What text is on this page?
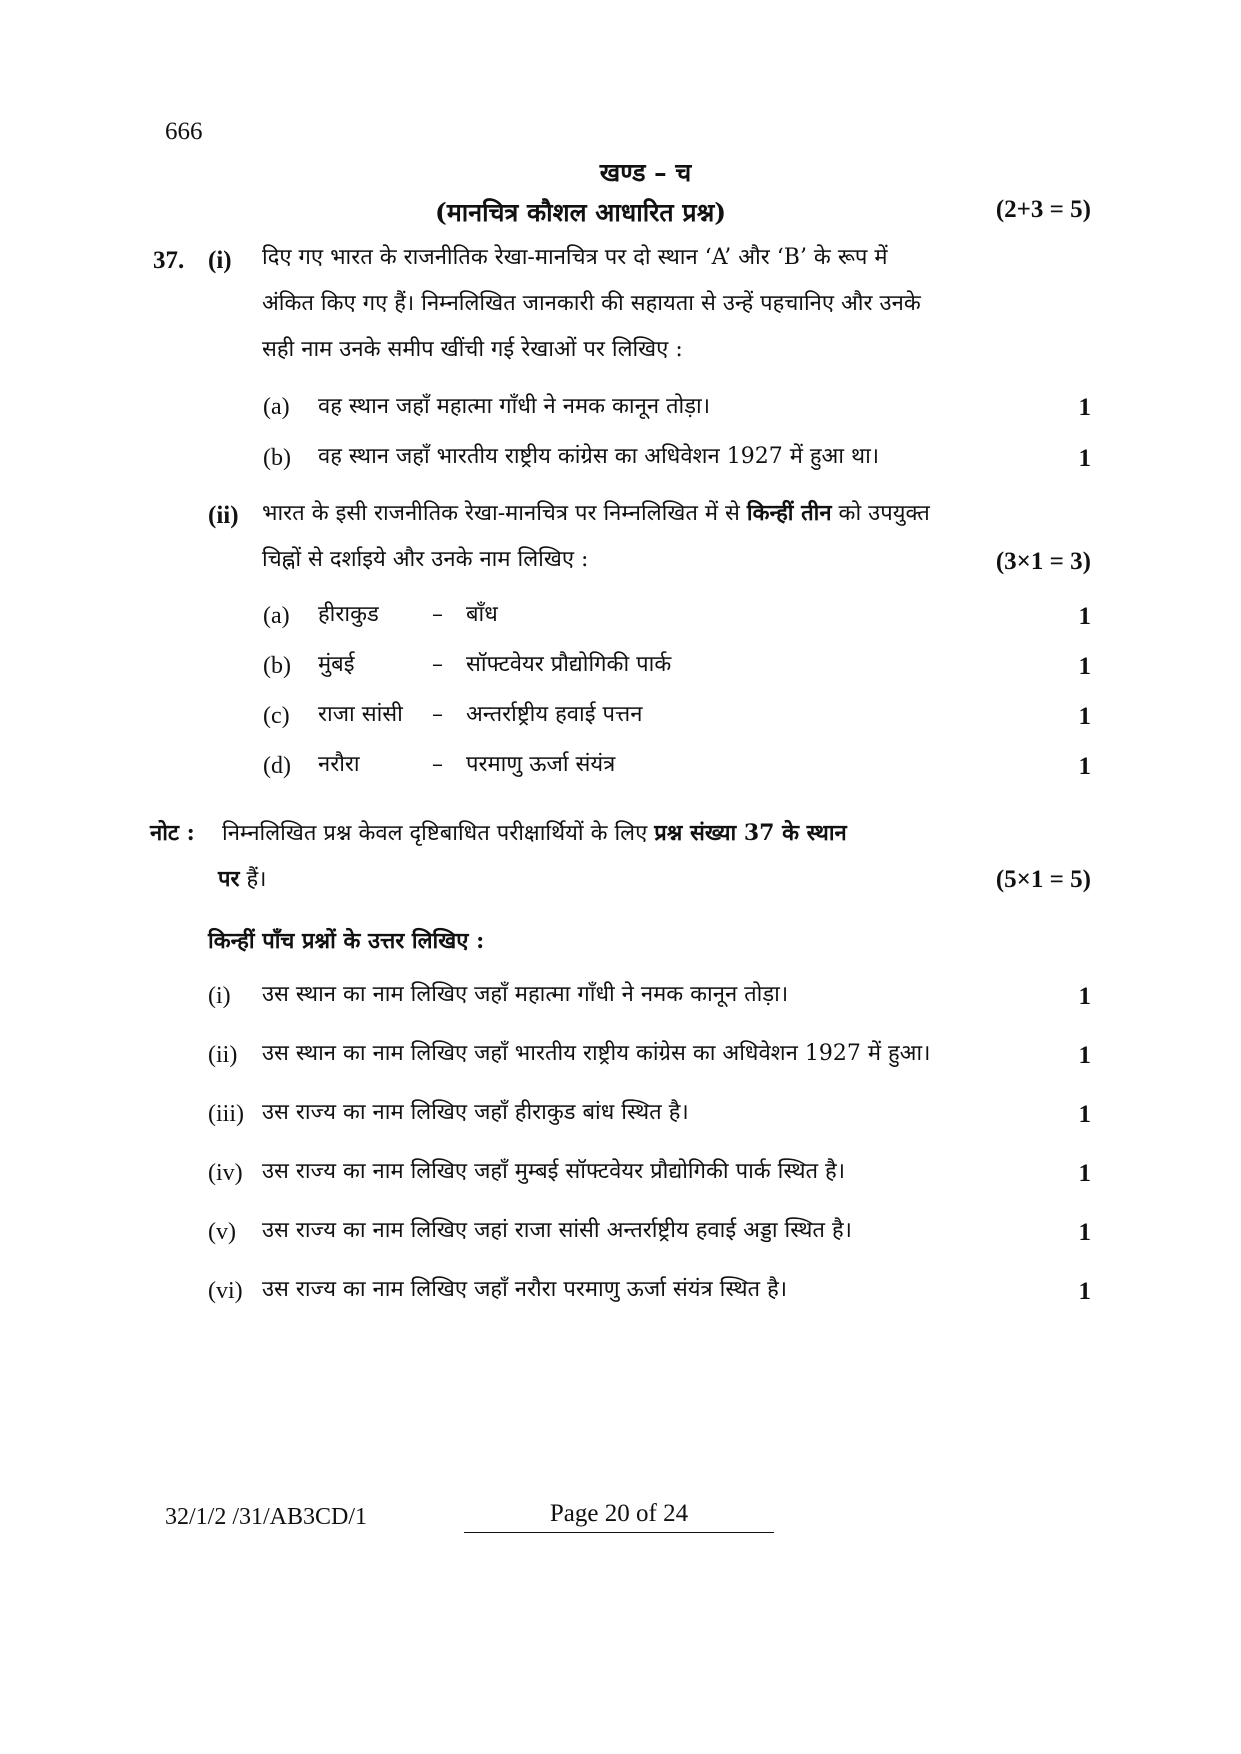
666
खण्ड – च
(मानचित्र कौशल आधारित प्रश्न)	(2+3 = 5)
37. (i) दिए गए भारत के राजनीतिक रेखा-मानचित्र पर दो स्थान ‘A’ और ‘B’ के रूप में
अंकित किए गए हैं। निम्नलिखित जानकारी की सहायता से उन्हें पहचानिए और उनके
सही नाम उनके समीप खींची गई रेखाओं पर लिखिए :
(a) वह स्थान जहाँ महात्मा गाँधी ने नमक कानून तोड़ा।	1
(b) वह स्थान जहाँ भारतीय राष्ट्रीय कांग्रेस का अधिवेशन 1927 में हुआ था।	1
(ii) भारत के इसी राजनीतिक रेखा-मानचित्र पर निम्नलिखित में से किन्हीं तीन को उपयुक्त
चिह्नों से दर्शाइये और उनके नाम लिखिए :	(3×1 = 3)
(a) हीराकुड – बाँध	1
(b) मुंबई	– सॉफ्टवेयर प्रौद्योगिकी पार्क	1
(c) राजा सांसी – अन्तर्राष्ट्रीय हवाई पत्तन	1
(d) नरौरा	– परमाणु ऊर्जा संयंत्र	1
नोट : निम्नलिखित प्रश्न केवल दृष्टिबाधित परीक्षार्थियों के लिए प्रश्न संख्या 37 के स्थान
पर हैं।	(5×1 = 5)
किन्हीं पाँच प्रश्नों के उत्तर लिखिए :
(i) उस स्थान का नाम लिखिए जहाँ महात्मा गाँधी ने नमक कानून तोड़ा।	1
(ii) उस स्थान का नाम लिखिए जहाँ भारतीय राष्ट्रीय कांग्रेस का अधिवेशन 1927 में हुआ।	1
(iii) उस राज्य का नाम लिखिए जहाँ हीराकुड बांध स्थित है।	1
(iv) उस राज्य का नाम लिखिए जहाँ मुम्बई सॉफ्टवेयर प्रौद्योगिकी पार्क स्थित है।	1
(v) उस राज्य का नाम लिखिए जहां राजा सांसी अन्तर्राष्ट्रीय हवाई अड्डा स्थित है।	1
(vi) उस राज्य का नाम लिखिए जहाँ नरौरा परमाणु ऊर्जा संयंत्र स्थित है।	1
32/1/2 /31/AB3CD/1	Page 20 of 24
